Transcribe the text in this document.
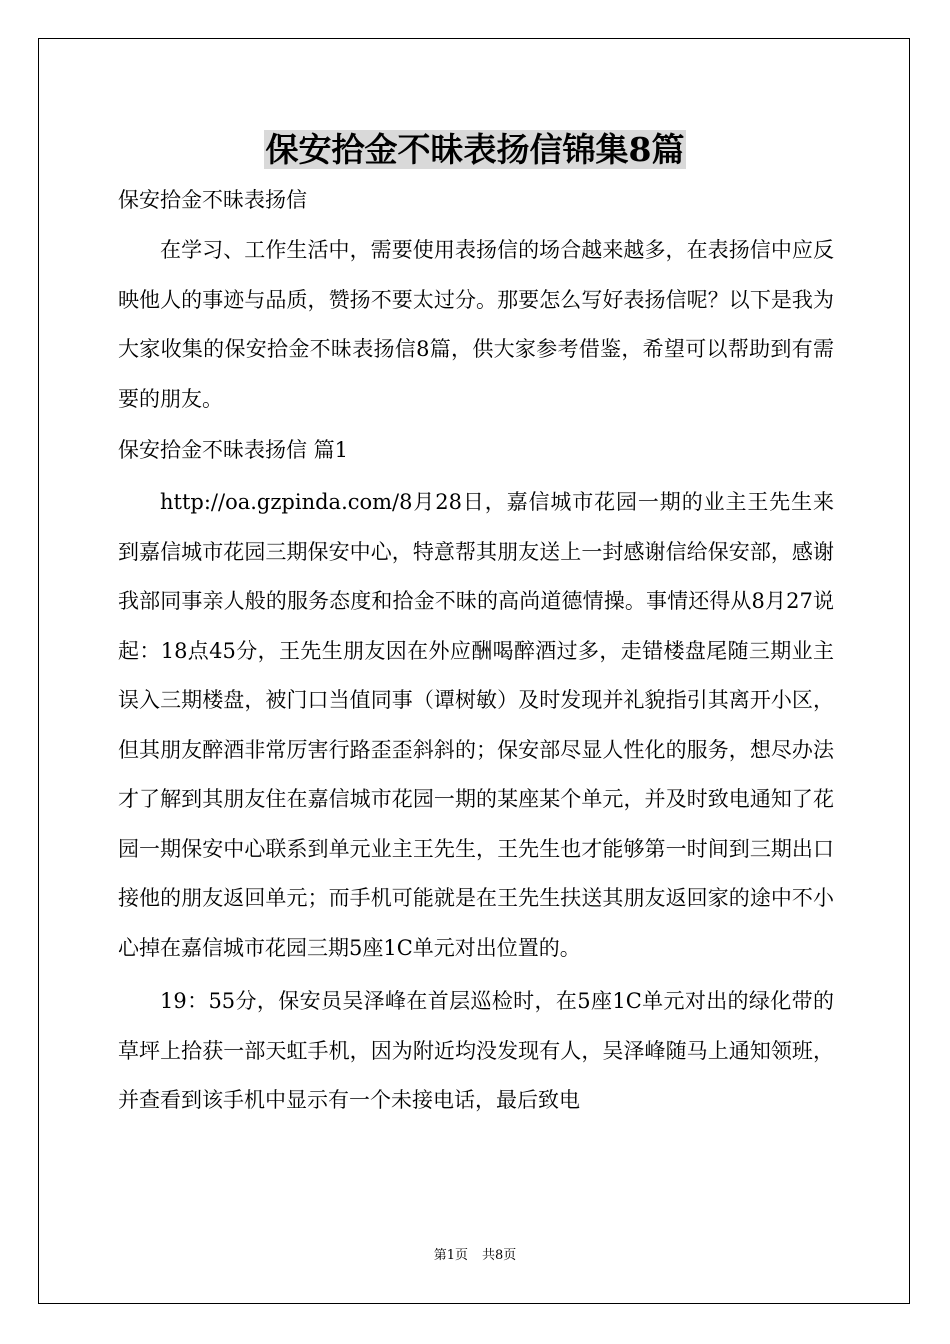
保安拾金不昧表扬信锦集8篇

保安拾金不昧表扬信

在学习、工作生活中，需要使用表扬信的场合越来越多，在表扬信中应反映他人的事迹与品质，赞扬不要太过分。那要怎么写好表扬信呢？以下是我为大家收集的保安拾金不昧表扬信8篇，供大家参考借鉴，希望可以帮助到有需要的朋友。

保安拾金不昧表扬信 篇1

http://oa.gzpinda.com/8月28日，嘉信城市花园一期的业主王先生来到嘉信城市花园三期保安中心，特意帮其朋友送上一封感谢信给保安部，感谢我部同事亲人般的服务态度和拾金不昧的高尚道德情操。事情还得从8月27说起：18点45分，王先生朋友因在外应酬喝醉酒过多，走错楼盘尾随三期业主误入三期楼盘，被门口当值同事（谭树敏）及时发现并礼貌指引其离开小区，但其朋友醉酒非常厉害行路歪歪斜斜的；保安部尽显人性化的服务，想尽办法才了解到其朋友住在嘉信城市花园一期的某座某个单元，并及时致电通知了花园一期保安中心联系到单元业主王先生，王先生也才能够第一时间到三期出口接他的朋友返回单元；而手机可能就是在王先生扶送其朋友返回家的途中不小心掉在嘉信城市花园三期5座1C单元对出位置的。

19：55分，保安员吴泽峰在首层巡检时，在5座1C单元对出的绿化带的草坪上拾获一部天虹手机，因为附近均没发现有人，吴泽峰随马上通知领班，并查看到该手机中显示有一个未接电话，最后致电

第1页 共8页
